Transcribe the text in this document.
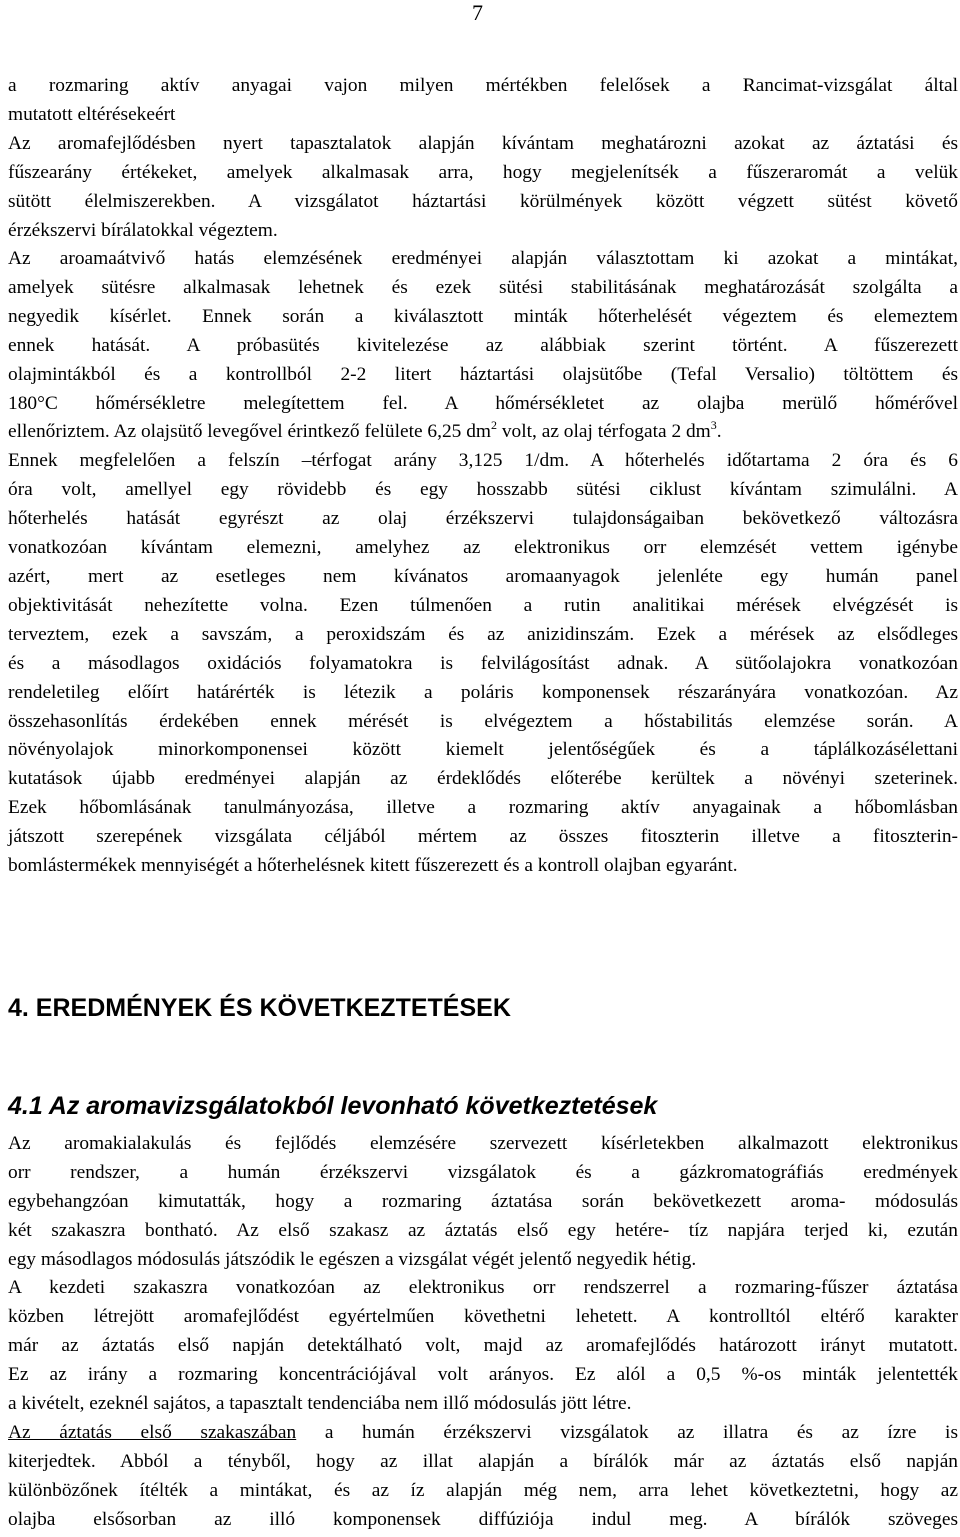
7
a rozmaring aktív anyagai vajon milyen mértékben felelősek a Rancimat-vizsgálat által
mutatott eltérésekeért
Az aromafejlődésben nyert tapasztalatok alapján kívántam meghatározni azokat az áztatási és
fűszearány értékeket, amelyek alkalmasak arra, hogy megjelenítsék a fűszeraromát a velük
sütött élelmiszerekben. A vizsgálatot háztartási körülmények között végzett sütést követő
érzékszervi bírálatokkal végeztem.
Az aroamaátvivő hatás elemzésének eredményei alapján választottam ki azokat a mintákat,
amelyek sütésre alkalmasak lehetnek és ezek sütési stabilitásának meghatározását szolgálta a
negyedik kísérlet. Ennek során a kiválasztott minták hőterhelését végeztem és elemeztem
ennek hatását. A próbasütés kivitelezése az alábbiak szerint történt. A fűszerezett
olajmintákból és a kontrollból 2-2 litert háztartási olajsütőbe (Tefal Versalio) töltöttem és
180°C hőmérsékletre melegítettem fel. A hőmérsékletet az olajba merülő hőmérővel
ellenőriztem. Az olajsütő levegővel érintkező felülete 6,25 $dm^2$ volt, az olaj térfogata 2 $dm^3$.
Ennek megfelelően a felszín –térfogat arány 3,125 1/dm. A hőterhelés időtartama 2 óra és 6
óra volt, amellyel egy rövidebb és egy hosszabb sütési ciklust kívántam szimulálni. A
hőterhelés hatását egyrészt az olaj érzékszervi tulajdonságaiban bekövetkező változásra
vonatkozóan kívántam elemezni, amelyhez az elektronikus orr elemzését vettem igénybe
azért, mert az esetleges nem kívánatos aromaanyagok jelenléte egy humán panel
objektivitását nehezítette volna. Ezen túlmenően a rutin analitikai mérések elvégzését is
terveztem, ezek a savszám, a peroxidszám és az anizidinszám. Ezek a mérések az elsődleges
és a másodlagos oxidációs folyamatokra is felvilágosítást adnak. A sütőolajokra vonatkozóan
rendeletileg előírt határérték is létezik a poláris komponensek részarányára vonatkozóan. Az
összehasonlítás érdekében ennek mérését is elvégeztem a hőstabilitás elemzése során. A
növényolajok minorkomponensei között kiemelt jelentőségűek és a táplálkozásélettani
kutatások újabb eredményei alapján az érdeklődés előterébe kerültek a növényi szeterinek.
Ezek hőbomlásának tanulmányozása, illetve a rozmaring aktív anyagainak a hőbomlásban
játszott szerepének vizsgálata céljából mértem az összes fitoszterin illetve a fitoszterin-
bomlástermékek mennyiségét a hőterhelésnek kitett fűszerezett és a kontroll olajban egyaránt.
4. EREDMÉNYEK ÉS KÖVETKEZTETÉSEK
4.1 Az aromavizsgálatokból levonható következtetések
Az aromakialakulás és fejlődés elemzésére szervezett kísérletekben alkalmazott elektronikus
orr rendszer, a humán érzékszervi vizsgálatok és a gázkromatográfiás eredmények
egybehangzóan kimutatták, hogy a rozmaring áztatása során bekövetkezett aroma- módosulás
két szakaszra bontható. Az első szakasz az áztatás első egy hetére- tíz napjára terjed ki, ezután
egy másodlagos módosulás játszódik le egészen a vizsgálat végét jelentő negyedik hétig.
A kezdeti szakaszra vonatkozóan az elektronikus orr rendszerrel a rozmaring-fűszer áztatása
közben létrejött aromafejlődést egyértelműen követhetni lehetett. A kontrolltól eltérő karakter
már az áztatás első napján detektálható volt, majd az aromafejlődés határozott irányt mutatott.
Ez az irány a rozmaring koncentrációjával volt arányos. Ez alól a 0,5 %-os minták jelentették
a kivételt, ezeknél sajátos, a tapasztalt tendenciába nem illő módosulás jött létre.
Az áztatás első szakaszában a humán érzékszervi vizsgálatok az illatra és az ízre is
kiterjedtek. Abból a tényből, hogy az illat alapján a bírálók már az áztatás első napján
különbözőnek ítélték a mintákat, és az íz alapján még nem, arra lehet következtetni, hogy az
olajba elsősorban az illó komponensek diffúziója indul meg. A bírálók szöveges
